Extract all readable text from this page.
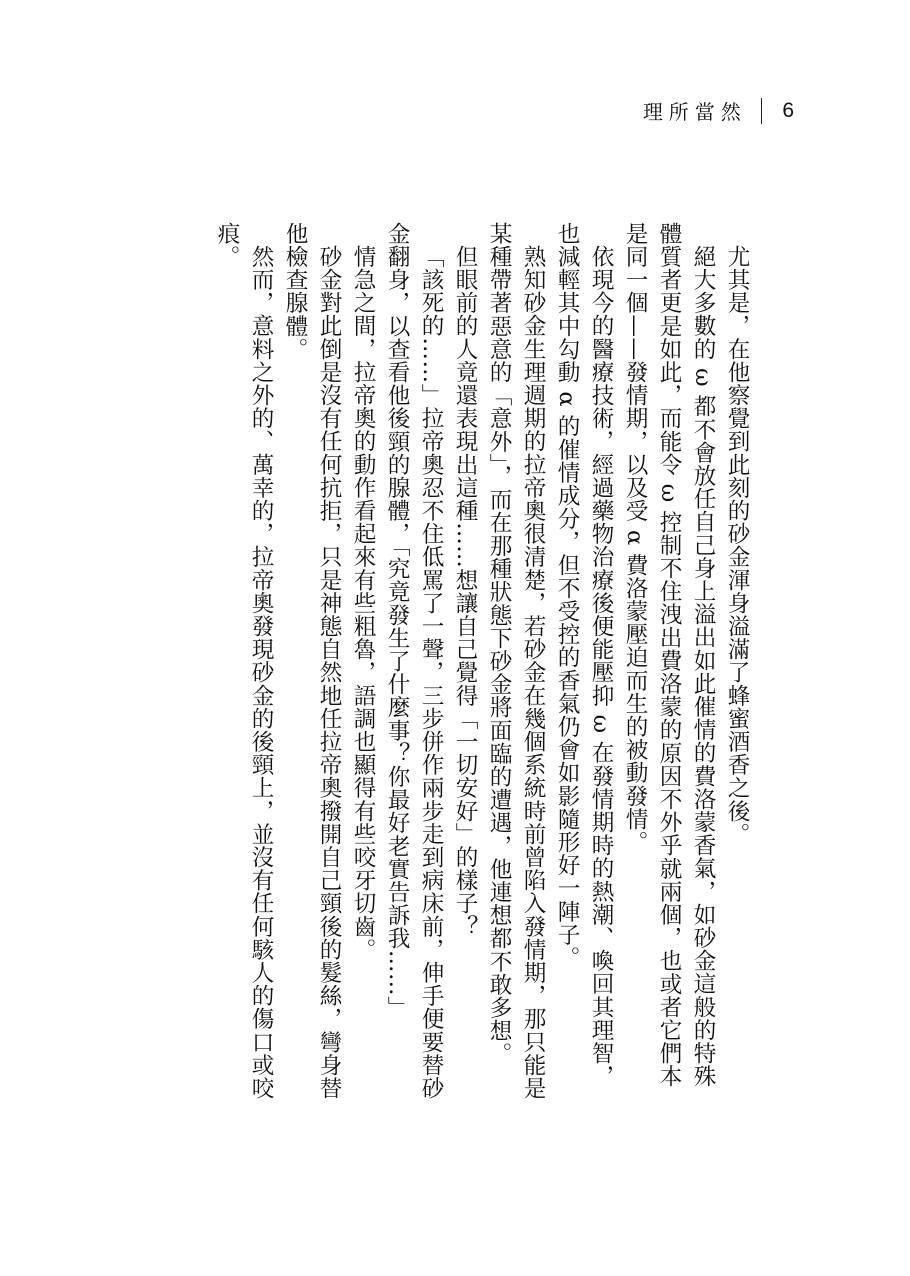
理所當然 6

尤其是，在他察覺到此刻的砂金渾身溢滿了蜂蜜酒香之後。

絕大多數的 ω 都不會放任自己身上溢出如此催情的費洛蒙香氣，如砂金這般的特殊體質者更是如此，而能令 ω 控制不住洩出費洛蒙的原因不外乎就兩個，也或者它們本是同一個——發情期，以及受 α 費洛蒙壓迫而生的被動發情。

依現今的醫療技術，經過藥物治療後便能壓抑 ω 在發情期時的熱潮、喚回其理智，也減輕其中勾動 α 的催情成分，但不受控的香氣仍會如影隨形好一陣子。

熟知砂金生理週期的拉帝奧很清楚，若砂金在幾個系統時前曾陷入發情期，那只能是某種帶著惡意的「意外」，而在那種狀態下砂金將面臨的遭遇，他連想都不敢多想。

但眼前的人竟還表現出這種……想讓自己覺得「一切安好」的樣子？

「該死的……」拉帝奧忍不住低罵了一聲，三步併作兩步走到病床前，伸手便要替砂金翻身，以查看他後頸的腺體，「究竟發生了什麼事？你最好老實告訴我……」

情急之間，拉帝奧的動作看起來有些粗魯，語調也顯得有些咬牙切齒。

砂金對此倒是沒有任何抗拒，只是神態自然地任拉帝奧撥開自己頸後的髮絲，彎身替他檢查腺體。

然而，意料之外的、萬幸的，拉帝奧發現砂金的後頸上，並沒有任何駭人的傷口或咬痕。
